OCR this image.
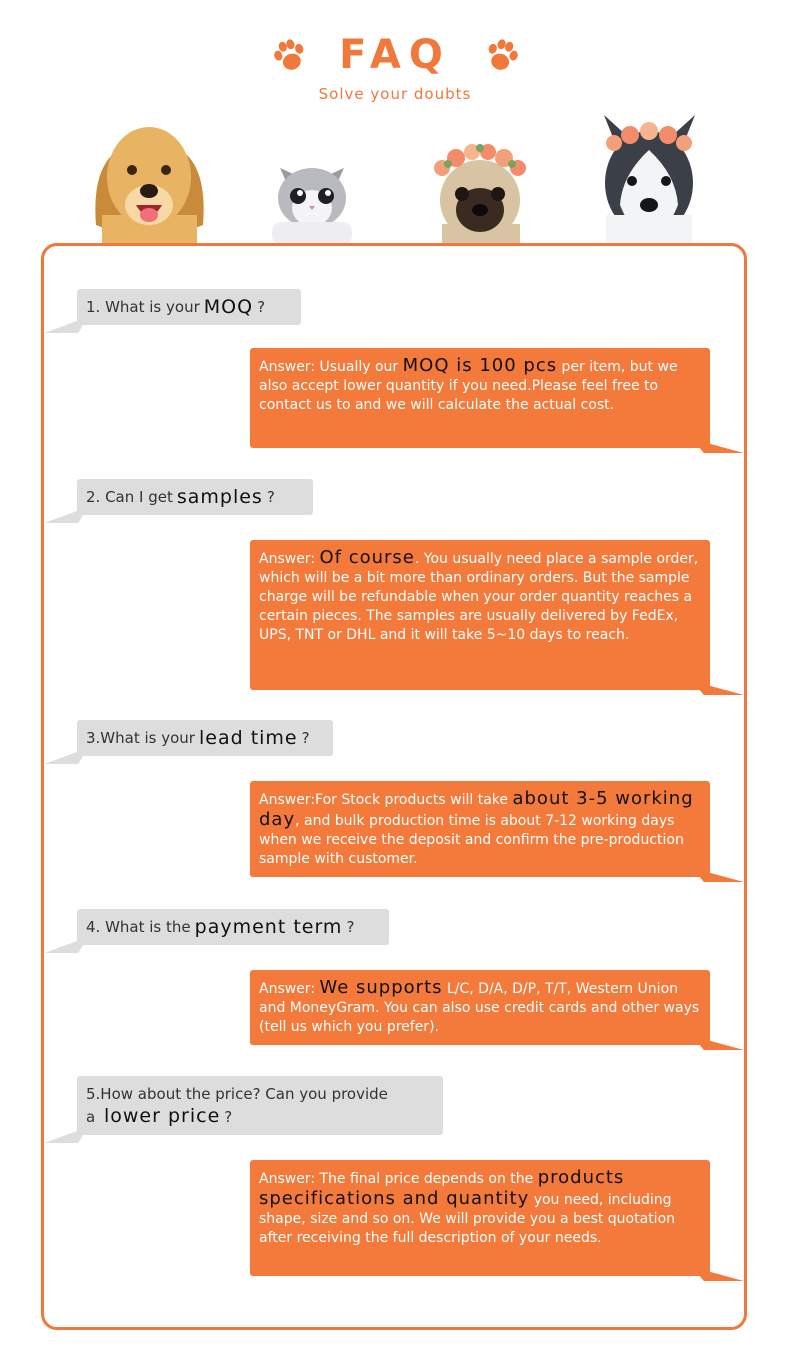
FAQ
Solve your doubts
1. What is your MOQ ?
Answer: Usually our MOQ is 100 pcs per item, but we also accept lower quantity if you need.Please feel free to contact us to and we will calculate the actual cost.
2. Can I get samples ?
Answer: Of course. You usually need place a sample order, which will be a bit more than ordinary orders. But the sample charge will be refundable when your order quantity reaches a certain pieces. The samples are usually delivered by FedEx, UPS, TNT or DHL and it will take 5~10 days to reach.
3.What is your lead time ?
Answer:For Stock products will take about 3-5 working day, and bulk production time is about 7-12 working days when we receive the deposit and confirm the pre-production sample with customer.
4. What is the payment term ?
Answer: We supports L/C, D/A, D/P, T/T, Western Union and MoneyGram. You can also use credit cards and other ways (tell us which you prefer).
5.How about the price? Can you provide
a lower price ?
Answer: The final price depends on the products specifications and quantity you need, including shape, size and so on. We will provide you a best quotation after receiving the full description of your needs.
